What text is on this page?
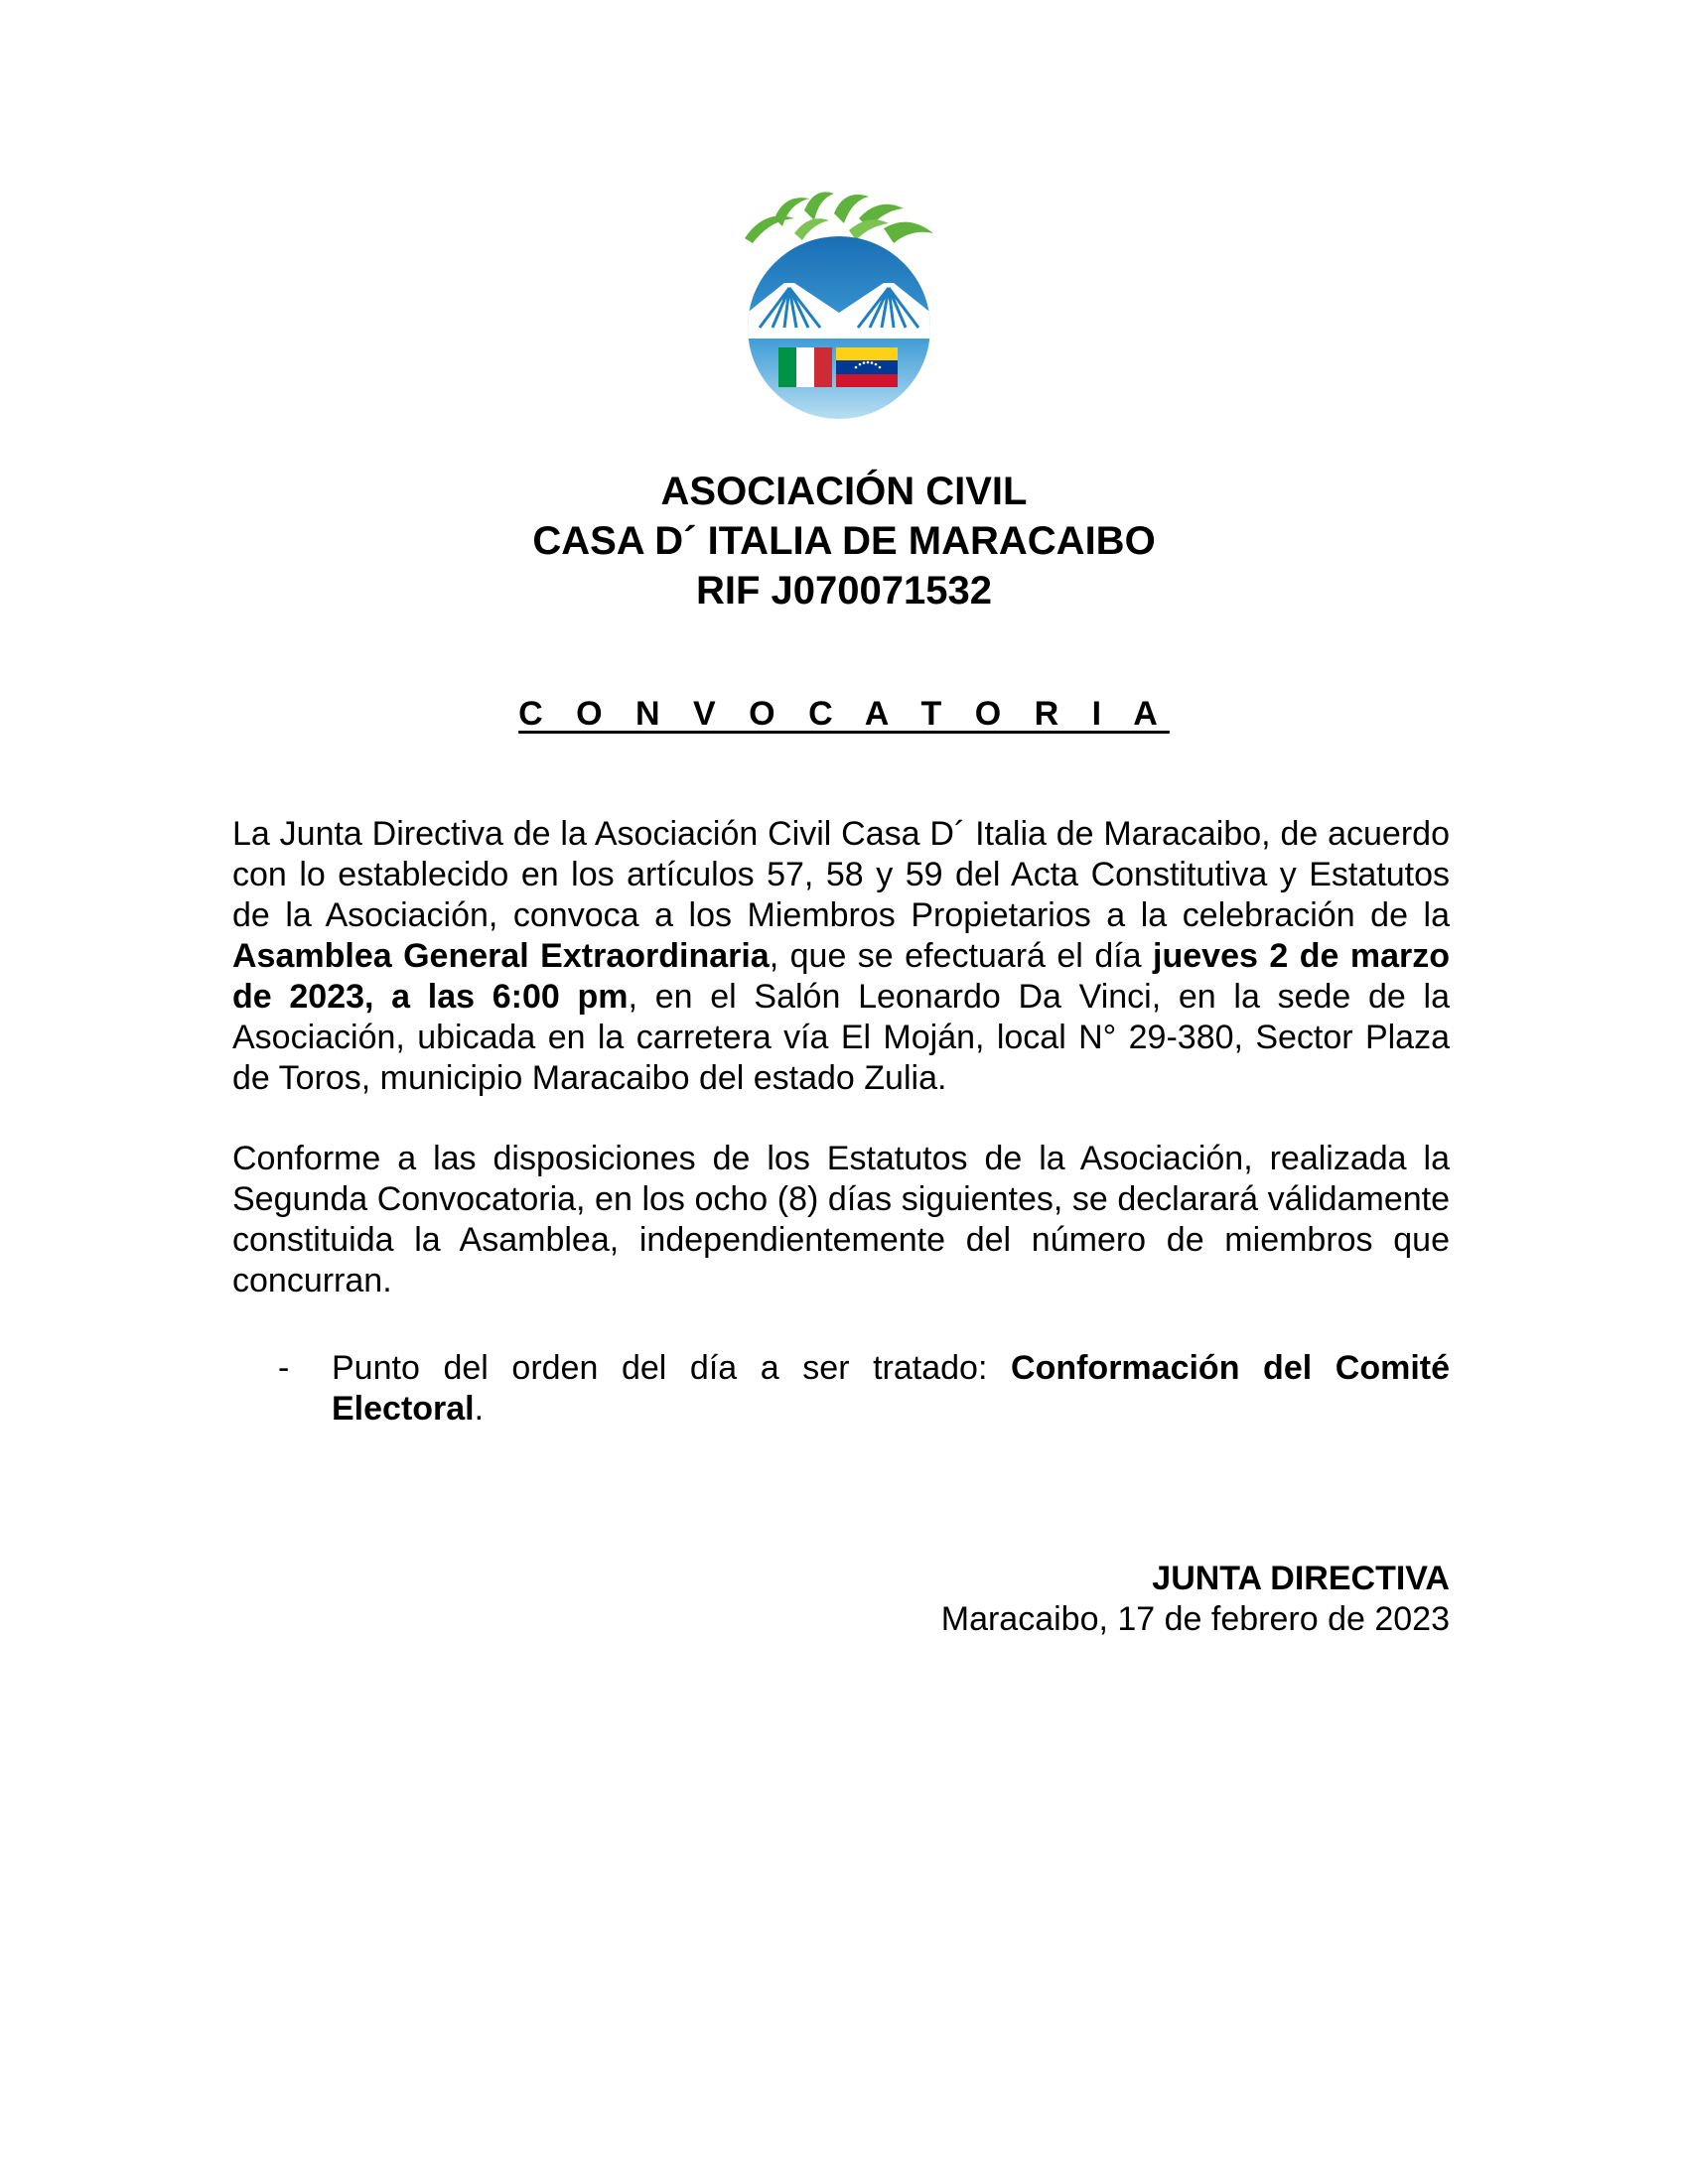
ASOCIACIÓN CIVIL
CASA D´ ITALIA DE MARACAIBO
RIF J070071532
C O N V O C A T O R I A
La Junta Directiva de la Asociación Civil Casa D´ Italia de Maracaibo, de acuerdo con lo establecido en los artículos 57, 58 y 59 del Acta Constitutiva y Estatutos de la Asociación, convoca a los Miembros Propietarios a la celebración de la Asamblea General Extraordinaria, que se efectuará el día jueves 2 de marzo de 2023, a las 6:00 pm, en el Salón Leonardo Da Vinci, en la sede de la Asociación, ubicada en la carretera vía El Moján, local N° 29-380, Sector Plaza de Toros, municipio Maracaibo del estado Zulia.
Conforme a las disposiciones de los Estatutos de la Asociación, realizada la Segunda Convocatoria, en los ocho (8) días siguientes, se declarará válidamente constituida la Asamblea, independientemente del número de miembros que concurran.
- Punto del orden del día a ser tratado: Conformación del Comité Electoral.
JUNTA DIRECTIVA
Maracaibo, 17 de febrero de 2023
